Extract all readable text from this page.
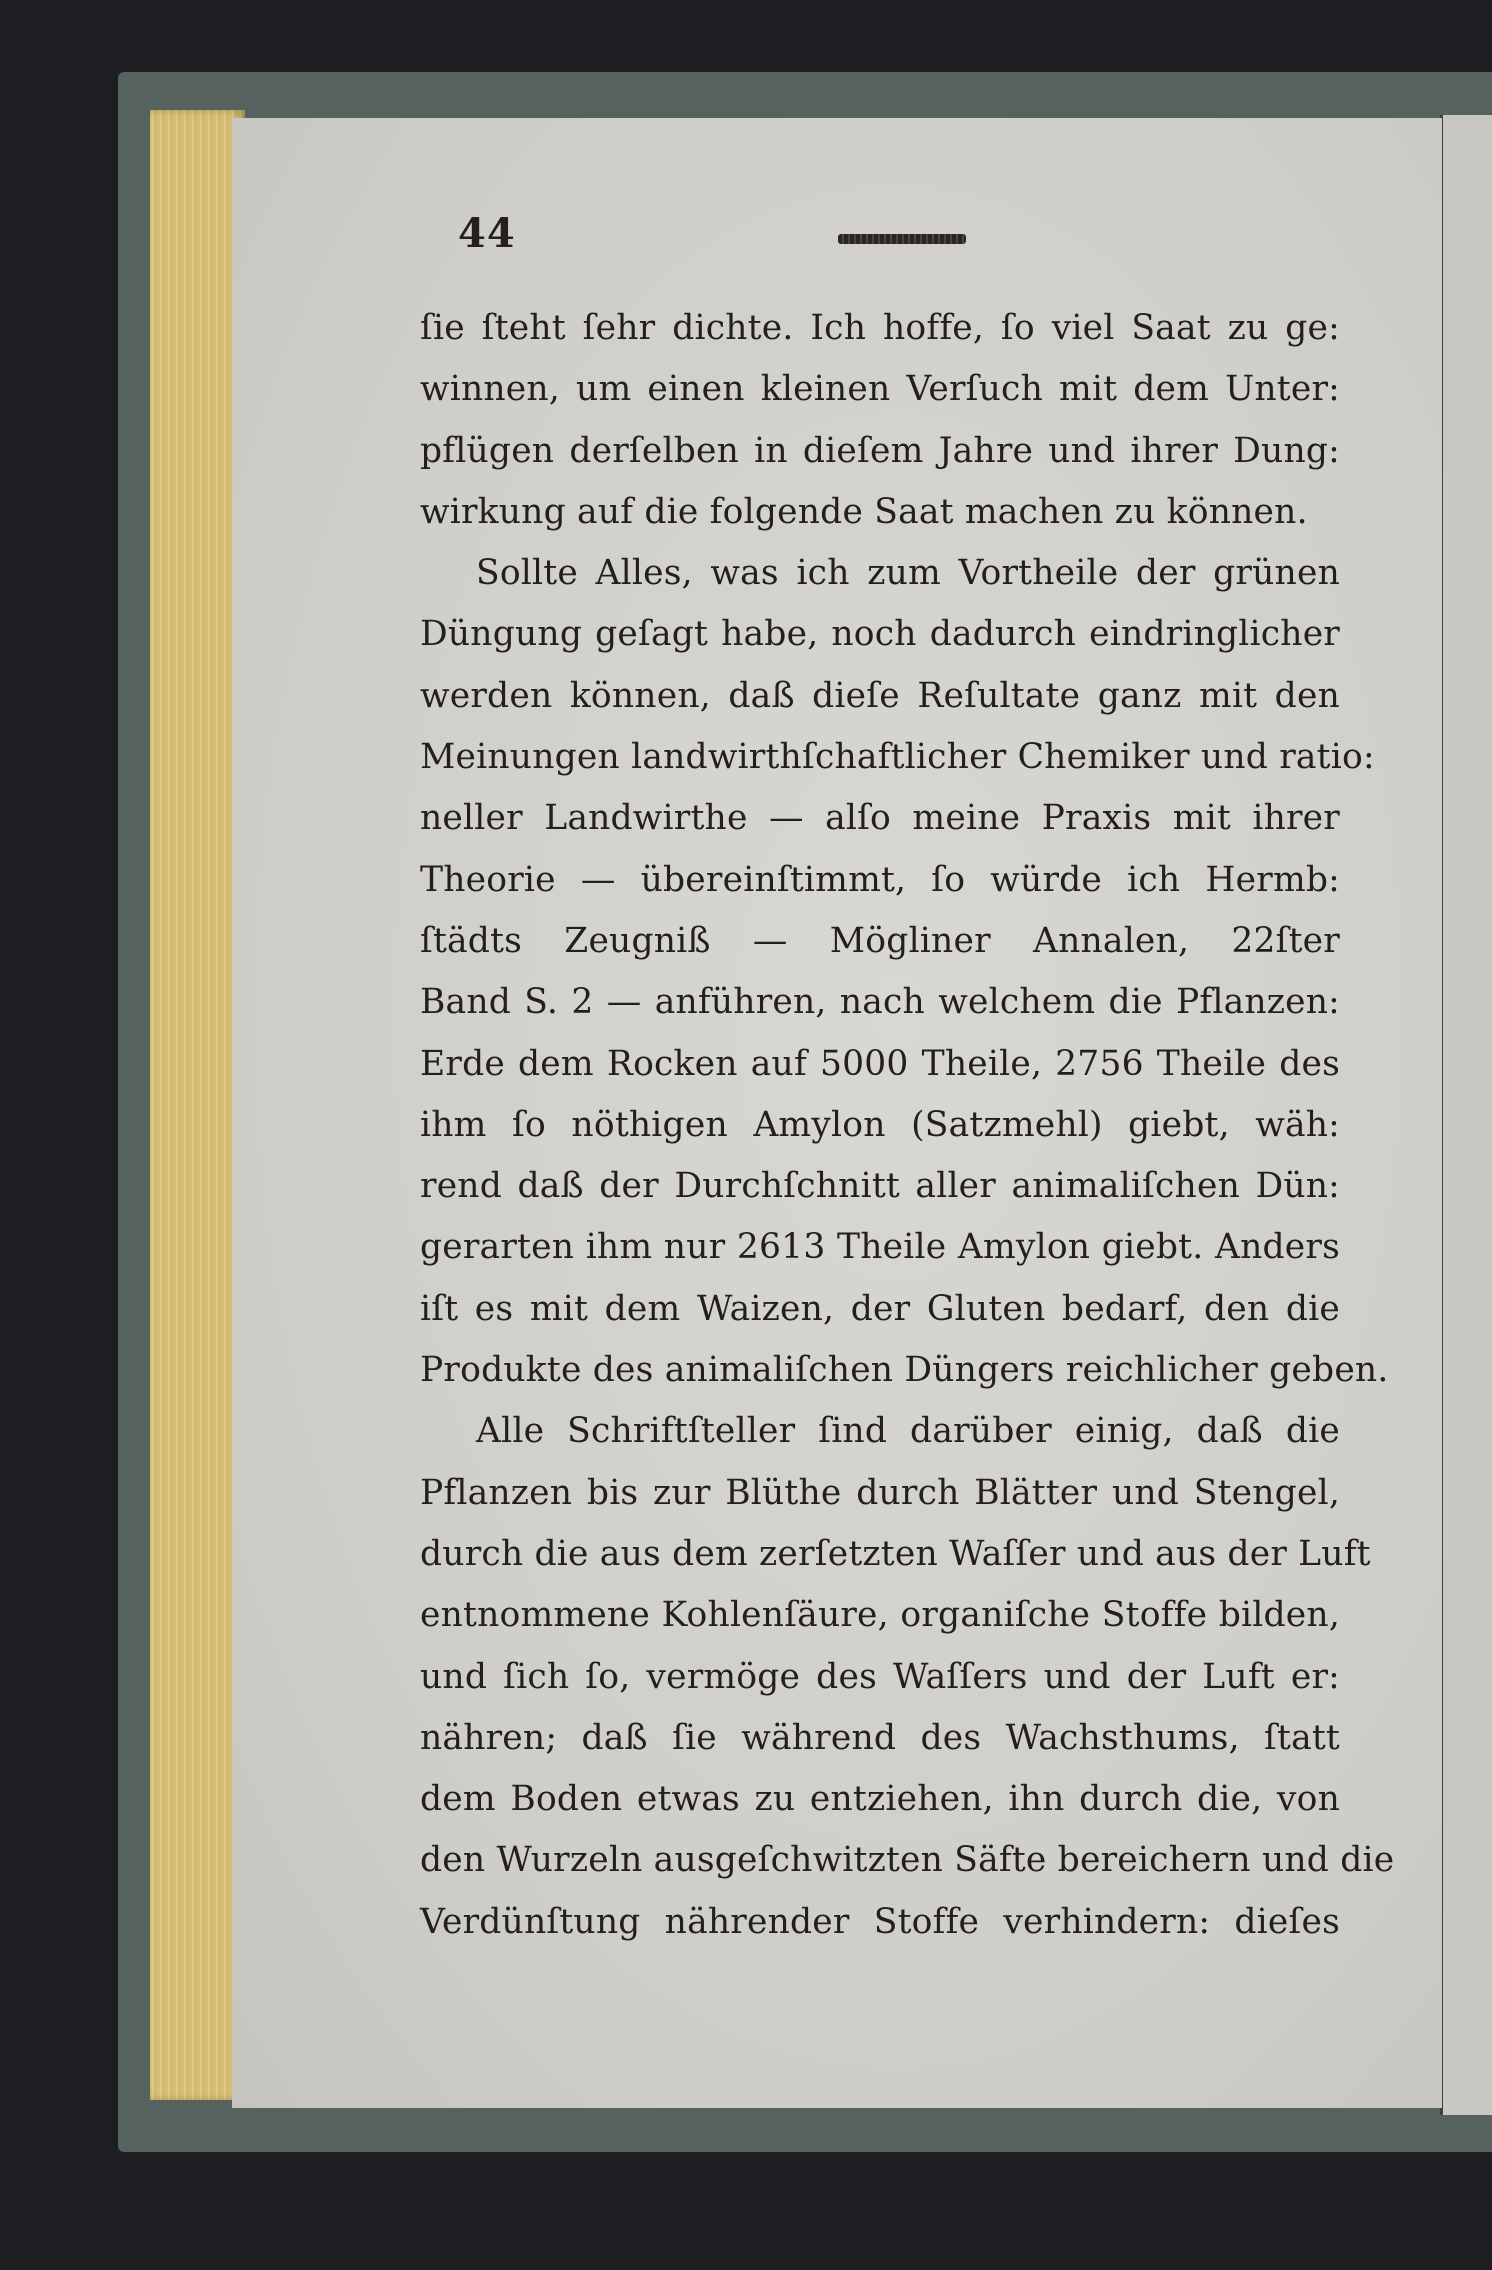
44
ſie ſteht ſehr dichte. Ich hoffe, ſo viel Saat zu ge:
winnen, um einen kleinen Verſuch mit dem Unter:
pflügen derſelben in dieſem Jahre und ihrer Dung:
wirkung auf die folgende Saat machen zu können.
Sollte Alles, was ich zum Vortheile der grünen
Düngung geſagt habe, noch dadurch eindringlicher
werden können, daß dieſe Reſultate ganz mit den
Meinungen landwirthſchaftlicher Chemiker und ratio:
neller Landwirthe — alſo meine Praxis mit ihrer
Theorie — übereinſtimmt, ſo würde ich Hermb:
ſtädts Zeugniß — Mögliner Annalen, 22ſter
Band S. 2 — anführen, nach welchem die Pflanzen:
Erde dem Rocken auf 5000 Theile, 2756 Theile des
ihm ſo nöthigen Amylon (Satzmehl) giebt, wäh:
rend daß der Durchſchnitt aller animaliſchen Dün:
gerarten ihm nur 2613 Theile Amylon giebt. Anders
iſt es mit dem Waizen, der Gluten bedarf, den die
Produkte des animaliſchen Düngers reichlicher geben.
Alle Schriftſteller ſind darüber einig, daß die
Pflanzen bis zur Blüthe durch Blätter und Stengel,
durch die aus dem zerſetzten Waſſer und aus der Luft
entnommene Kohlenſäure, organiſche Stoffe bilden,
und ſich ſo, vermöge des Waſſers und der Luft er:
nähren; daß ſie während des Wachsthums, ſtatt
dem Boden etwas zu entziehen, ihn durch die, von
den Wurzeln ausgeſchwitzten Säfte bereichern und die
Verdünſtung nährender Stoffe verhindern: dieſes
